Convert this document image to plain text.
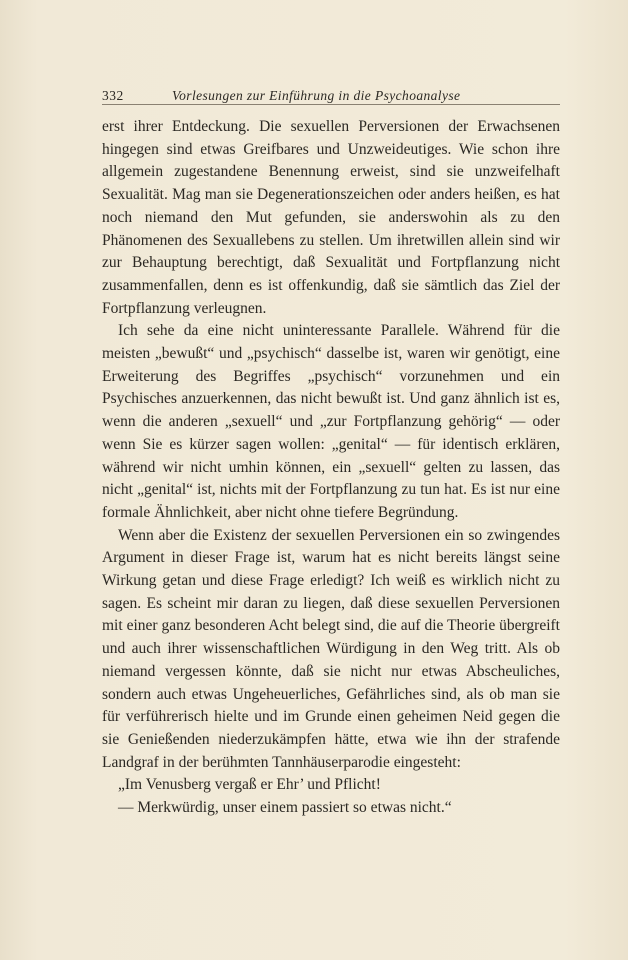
332	Vorlesungen zur Einführung in die Psychoanalyse

erst ihrer Entdeckung. Die sexuellen Perversionen der Erwachsenen hingegen sind etwas Greifbares und Unzweideutiges. Wie schon ihre allgemein zugestandene Benennung erweist, sind sie unzweifelhaft Sexualität. Mag man sie Degenerationszeichen oder anders heißen, es hat noch niemand den Mut gefunden, sie anderswohin als zu den Phänomenen des Sexuallebens zu stellen. Um ihretwillen allein sind wir zur Behauptung berechtigt, daß Sexualität und Fortpflanzung nicht zusammenfallen, denn es ist offenkundig, daß sie sämtlich das Ziel der Fortpflanzung verleugnen.

Ich sehe da eine nicht uninteressante Parallele. Während für die meisten „bewußt“ und „psychisch“ dasselbe ist, waren wir genötigt, eine Erweiterung des Begriffes „psychisch“ vorzunehmen und ein Psychisches anzuerkennen, das nicht bewußt ist. Und ganz ähnlich ist es, wenn die anderen „sexuell“ und „zur Fortpflanzung gehörig“ — oder wenn Sie es kürzer sagen wollen: „genital“ — für identisch erklären, während wir nicht umhin können, ein „sexuell“ gelten zu lassen, das nicht „genital“ ist, nichts mit der Fortpflanzung zu tun hat. Es ist nur eine formale Ähnlichkeit, aber nicht ohne tiefere Begründung.

Wenn aber die Existenz der sexuellen Perversionen ein so zwingendes Argument in dieser Frage ist, warum hat es nicht bereits längst seine Wirkung getan und diese Frage erledigt? Ich weiß es wirklich nicht zu sagen. Es scheint mir daran zu liegen, daß diese sexuellen Perversionen mit einer ganz besonderen Acht belegt sind, die auf die Theorie übergreift und auch ihrer wissenschaftlichen Würdigung in den Weg tritt. Als ob niemand vergessen könnte, daß sie nicht nur etwas Abscheuliches, sondern auch etwas Ungeheuerliches, Gefährliches sind, als ob man sie für verführerisch hielte und im Grunde einen geheimen Neid gegen die sie Genießenden niederzukämpfen hätte, etwa wie ihn der strafende Landgraf in der berühmten Tannhäuserparodie eingesteht:

„Im Venusberg vergaß er Ehr’ und Pflicht!

— Merkwürdig, unser einem passiert so etwas nicht.“
